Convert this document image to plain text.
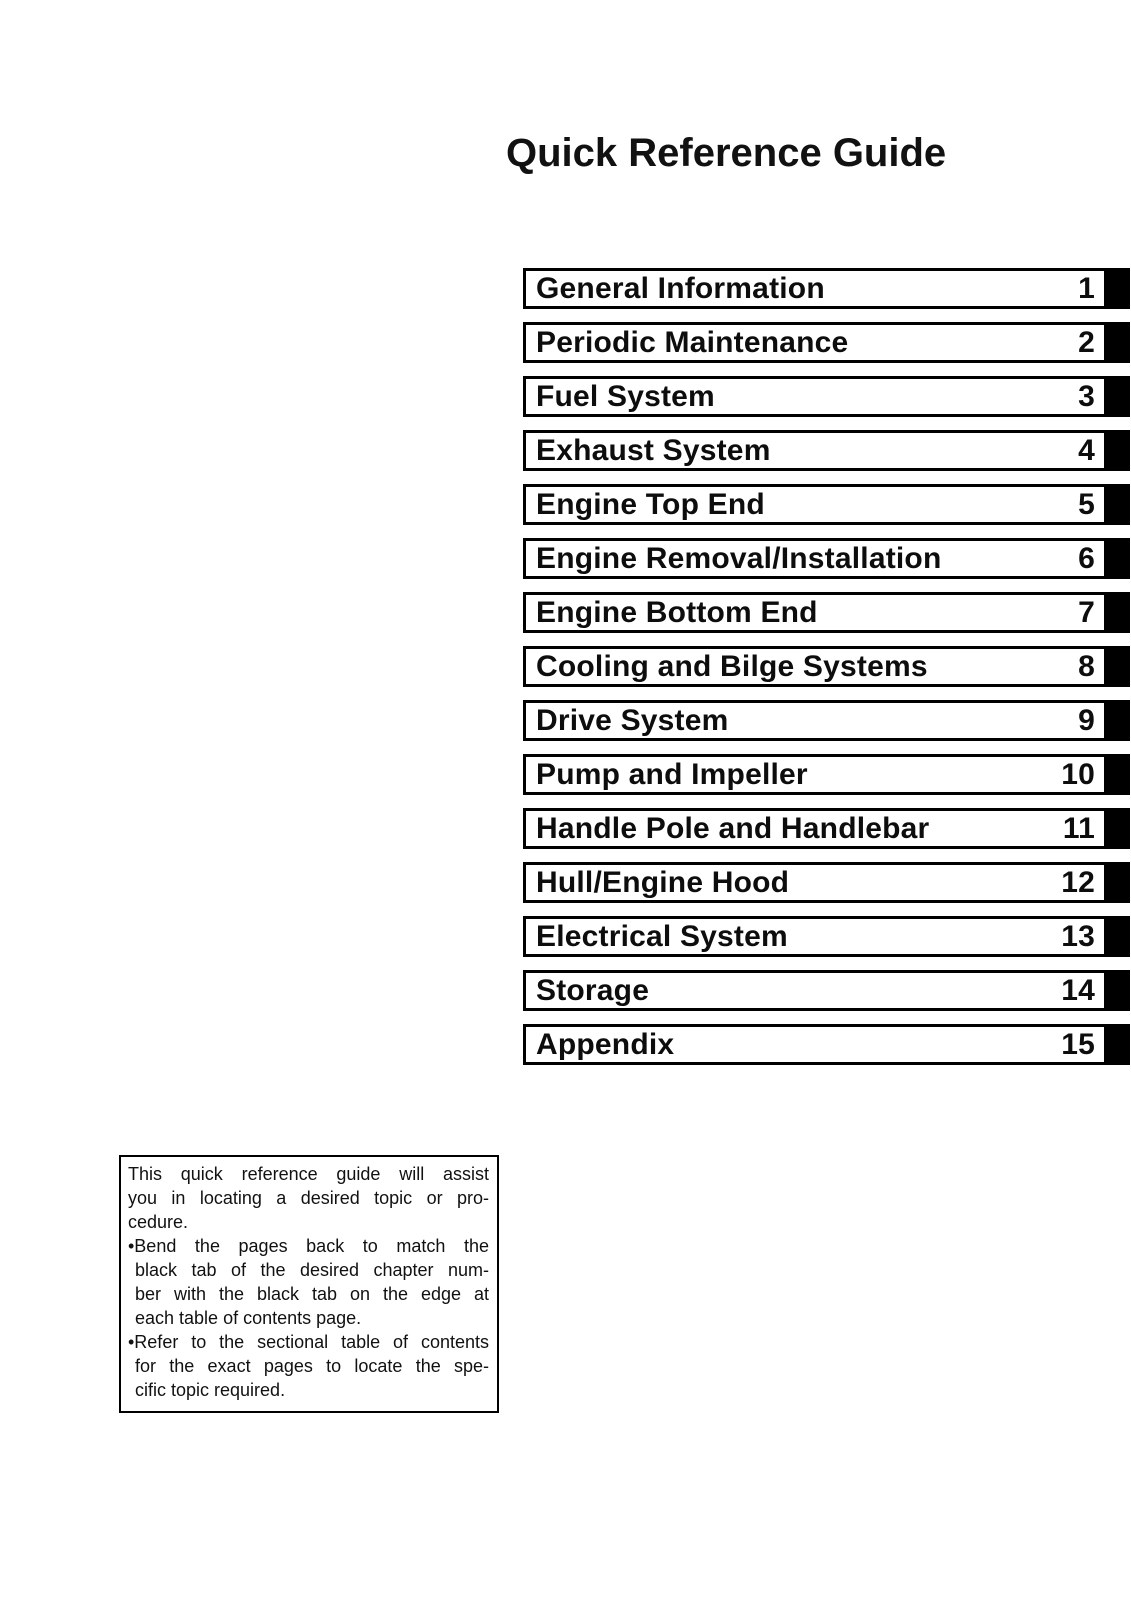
Quick Reference Guide
General Information	1
Periodic Maintenance	2
Fuel System	3
Exhaust System	4
Engine Top End	5
Engine Removal/Installation	6
Engine Bottom End	7
Cooling and Bilge Systems	8
Drive System	9
Pump and Impeller	10
Handle Pole and Handlebar	11
Hull/Engine Hood	12
Electrical System	13
Storage	14
Appendix	15
This quick reference guide will assist
you in locating a desired topic or pro-
cedure.
•Bend the pages back to match the
black tab of the desired chapter num-
ber with the black tab on the edge at
each table of contents page.
•Refer to the sectional table of contents
for the exact pages to locate the spe-
cific topic required.
